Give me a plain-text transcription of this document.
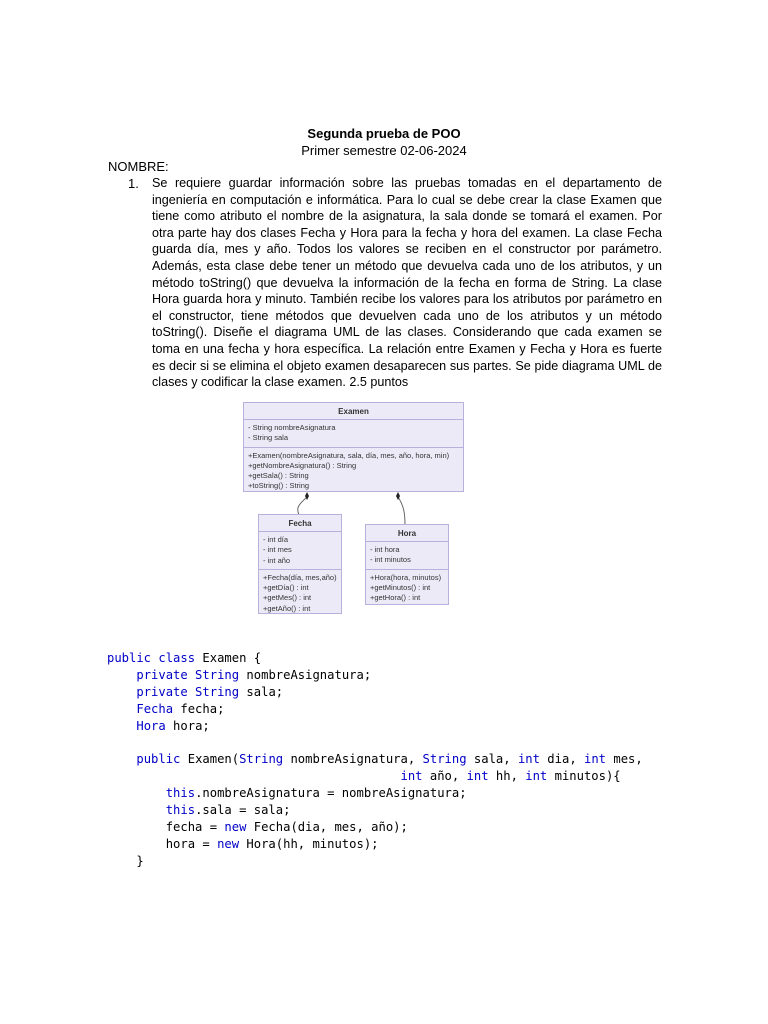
Segunda prueba de POO
Primer semestre 02-06-2024
NOMBRE:
1. Se requiere guardar información sobre las pruebas tomadas en el departamento de ingeniería en computación e informática. Para lo cual se debe crear la clase Examen que tiene como atributo el nombre de la asignatura, la sala donde se tomará el examen. Por otra parte hay dos clases Fecha y Hora para la fecha y hora del examen. La clase Fecha guarda día, mes y año. Todos los valores se reciben en el constructor por parámetro. Además, esta clase debe tener un método que devuelva cada uno de los atributos, y un método toString() que devuelva la información de la fecha en forma de String. La clase Hora guarda hora y minuto. También recibe los valores para los atributos por parámetro en el constructor, tiene métodos que devuelven cada uno de los atributos y un método toString(). Diseñe el diagrama UML de las clases. Considerando que cada examen se toma en una fecha y hora específica. La relación entre Examen y Fecha y Hora es fuerte es decir si se elimina el objeto examen desaparecen sus partes. Se pide diagrama UML de clases y codificar la clase examen. 2.5 puntos
Examen
- String nombreAsignatura
- String sala
+Examen(nombreAsignatura, sala, día, mes, año, hora, min)
+getNombreAsignatura() : String
+getSala() : String
+toString() : String
Fecha
- int día
- int mes
- int año
+Fecha(día, mes,año)
+getDía() : int
+getMes() : int
+getAño() : int
Hora
- int hora
- int minutos
+Hora(hora, minutos)
+getMinutos() : int
+getHora() : int
public class Examen {
private String nombreAsignatura;
private String sala;
Fecha fecha;
Hora hora;

public Examen(String nombreAsignatura, String sala, int dia, int mes,
int año, int hh, int minutos){
this.nombreAsignatura = nombreAsignatura;
this.sala = sala;
fecha = new Fecha(dia, mes, año);
hora = new Hora(hh, minutos);
}
